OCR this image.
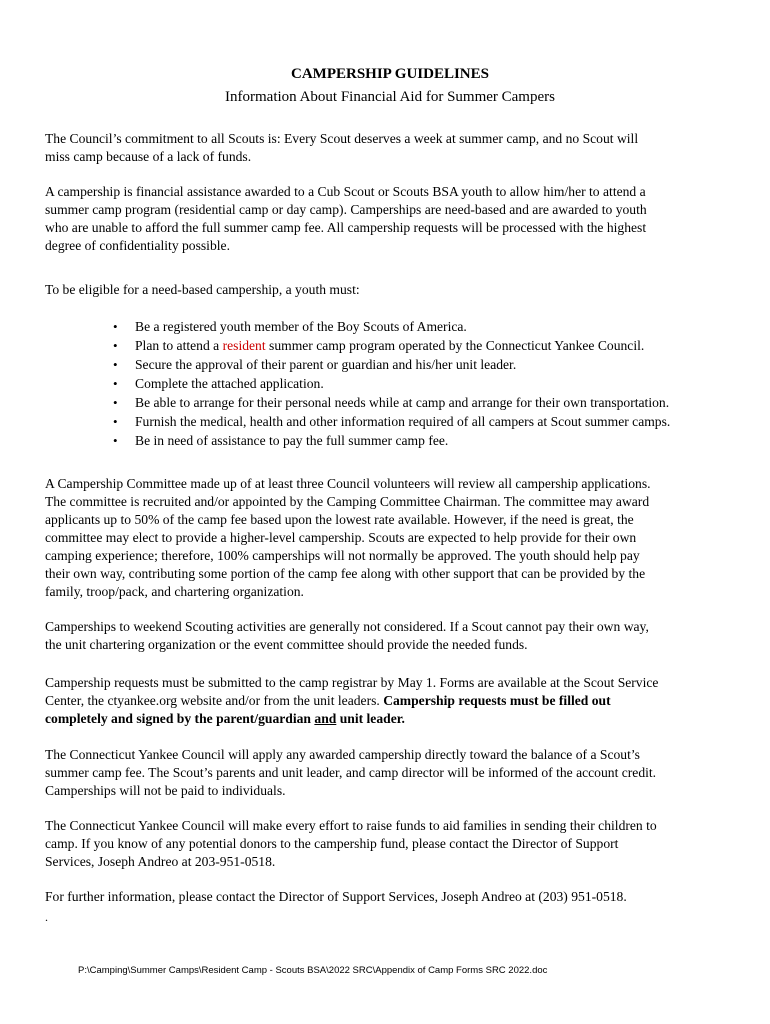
CAMPERSHIP GUIDELINES
Information About Financial Aid for Summer Campers

The Council’s commitment to all Scouts is: Every Scout deserves a week at summer camp, and no Scout will
miss camp because of a lack of funds.

A campership is financial assistance awarded to a Cub Scout or Scouts BSA youth to allow him/her to attend a
summer camp program (residential camp or day camp). Camperships are need-based and are awarded to youth
who are unable to afford the full summer camp fee. All campership requests will be processed with the highest
degree of confidentiality possible.

To be eligible for a need-based campership, a youth must:

• Be a registered youth member of the Boy Scouts of America.
• Plan to attend a resident summer camp program operated by the Connecticut Yankee Council.
• Secure the approval of their parent or guardian and his/her unit leader.
• Complete the attached application.
• Be able to arrange for their personal needs while at camp and arrange for their own transportation.
• Furnish the medical, health and other information required of all campers at Scout summer camps.
• Be in need of assistance to pay the full summer camp fee.

A Campership Committee made up of at least three Council volunteers will review all campership applications.
The committee is recruited and/or appointed by the Camping Committee Chairman. The committee may award
applicants up to 50% of the camp fee based upon the lowest rate available. However, if the need is great, the
committee may elect to provide a higher-level campership. Scouts are expected to help provide for their own
camping experience; therefore, 100% camperships will not normally be approved. The youth should help pay
their own way, contributing some portion of the camp fee along with other support that can be provided by the
family, troop/pack, and chartering organization.

Camperships to weekend Scouting activities are generally not considered. If a Scout cannot pay their own way,
the unit chartering organization or the event committee should provide the needed funds.

Campership requests must be submitted to the camp registrar by May 1. Forms are available at the Scout Service
Center, the ctyankee.org website and/or from the unit leaders. Campership requests must be filled out
completely and signed by the parent/guardian and unit leader.

The Connecticut Yankee Council will apply any awarded campership directly toward the balance of a Scout’s
summer camp fee. The Scout’s parents and unit leader, and camp director will be informed of the account credit.
Camperships will not be paid to individuals.

The Connecticut Yankee Council will make every effort to raise funds to aid families in sending their children to
camp. If you know of any potential donors to the campership fund, please contact the Director of Support
Services, Joseph Andreo at 203-951-0518.

For further information, please contact the Director of Support Services, Joseph Andreo at (203) 951-0518.

.
P:\Camping\Summer Camps\Resident Camp - Scouts BSA\2022 SRC\Appendix of Camp Forms SRC 2022.doc
